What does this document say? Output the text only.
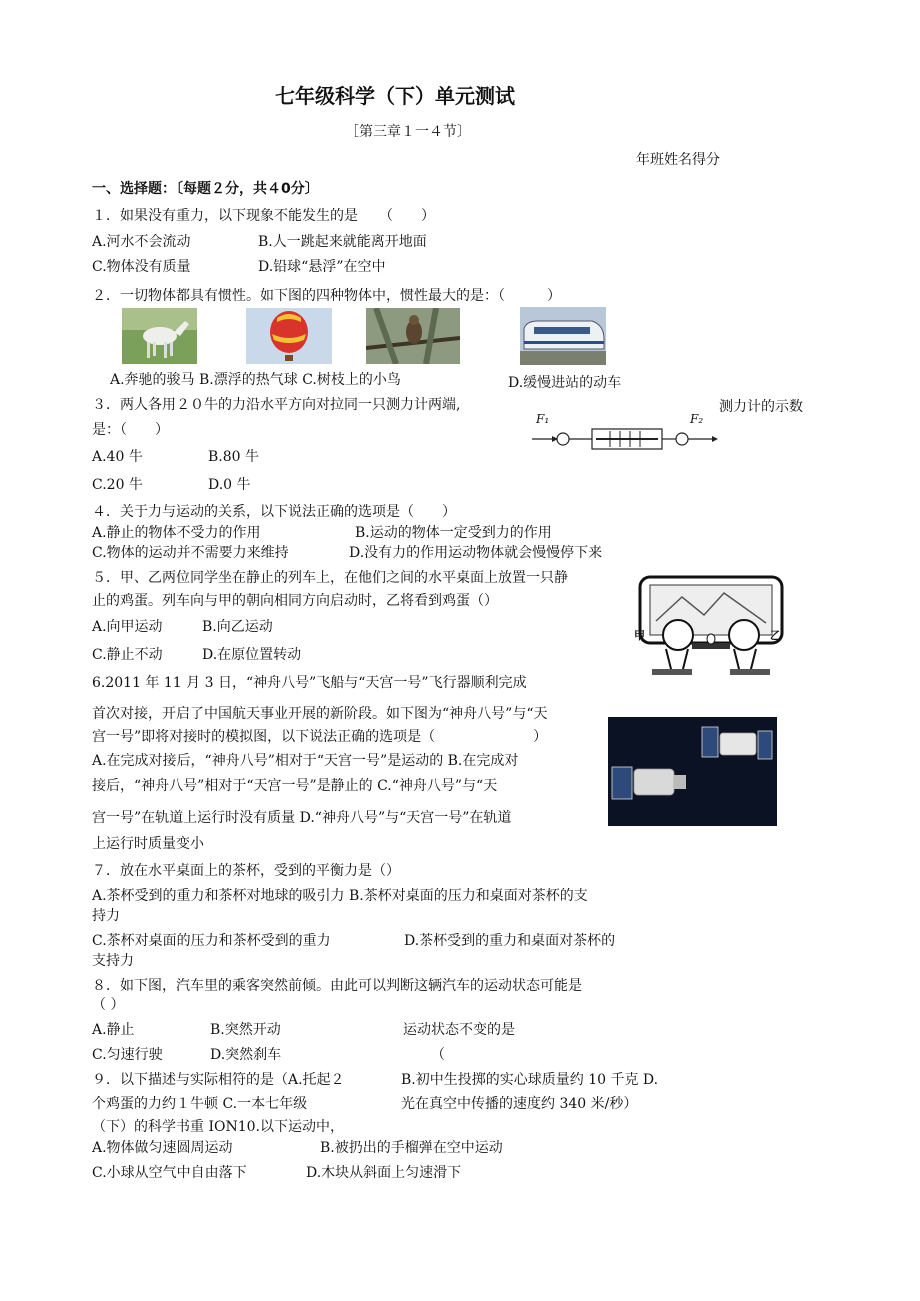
七年级科学（下）单元测试
［第三章１一４节〕
年班姓名得分
一、选择题：〔每题２分，共４0分〕
１．如果没有重力，以下现象不能发生的是　　（　　）
A.河水不会流动	B.人一跳起来就能离开地面
C.物体没有质量	D.铅球“悬浮”在空中
２．一切物体都具有惯性。如下图的四种物体中，惯性最大的是：（　　　）
A.奔驰的骏马 B.漂浮的热气球 C.树枝上的小鸟	D.缓慢进站的动车
３．两人各用２０牛的力沿水平方向对拉同一只测力计两端,	测力计的示数
是：（　　）
F₁	F₂
A.40 牛	B.80 牛
C.20 牛	D.0 牛
４．关于力与运动的关系，以下说法正确的选项是（　　）
A.静止的物体不受力的作用	B.运动的物体一定受到力的作用
C.物体的运动并不需要力来维持	D.没有力的作用运动物体就会慢慢停下来
５．甲、乙两位同学坐在静止的列车上，在他们之间的水平桌面上放置一只静
止的鸡蛋。列车向与甲的朝向相同方向启动时，乙将看到鸡蛋（）
A.向甲运动	B.向乙运动
C.静止不动	D.在原位置转动
甲	乙
6.2011 年 11 月 3 日，“神舟八号”飞船与“天宫一号”飞行器顺利完成
首次对接，开启了中国航天事业开展的新阶段。如下图为“神舟八号”与“天
宫一号”即将对接时的模拟图，以下说法正确的选项是（　　　　　　　）
A.在完成对接后，“神舟八号”相对于“天宫一号”是运动的 B.在完成对
接后，“神舟八号”相对于“天宫一号”是静止的 C.“神舟八号”与“天
宫一号”在轨道上运行时没有质量 D.“神舟八号”与“天宫一号”在轨道
上运行时质量变小
７．放在水平桌面上的茶杯，受到的平衡力是（）
A.茶杯受到的重力和茶杯对地球的吸引力 B.茶杯对桌面的压力和桌面对茶杯的支
持力
C.茶杯对桌面的压力和茶杯受到的重力	D.茶杯受到的重力和桌面对茶杯的
支持力
８．如下图，汽车里的乘客突然前倾。由此可以判断这辆汽车的运动状态可能是
（ ）
A.静止	B.突然开动	运动状态不变的是
C.匀速行驶	D.突然刹车	（
９．以下描述与实际相符的是（A.托起２	B.初中生投掷的实心球质量约 10 千克 D.
个鸡蛋的力约１牛顿 C.一本七年级	光在真空中传播的速度约 340 米/秒）
（下）的科学书重 ION10.以下运动中，
A.物体做匀速圆周运动	B.被扔出的手榴弹在空中运动
C.小球从空气中自由落下	D.木块从斜面上匀速滑下
